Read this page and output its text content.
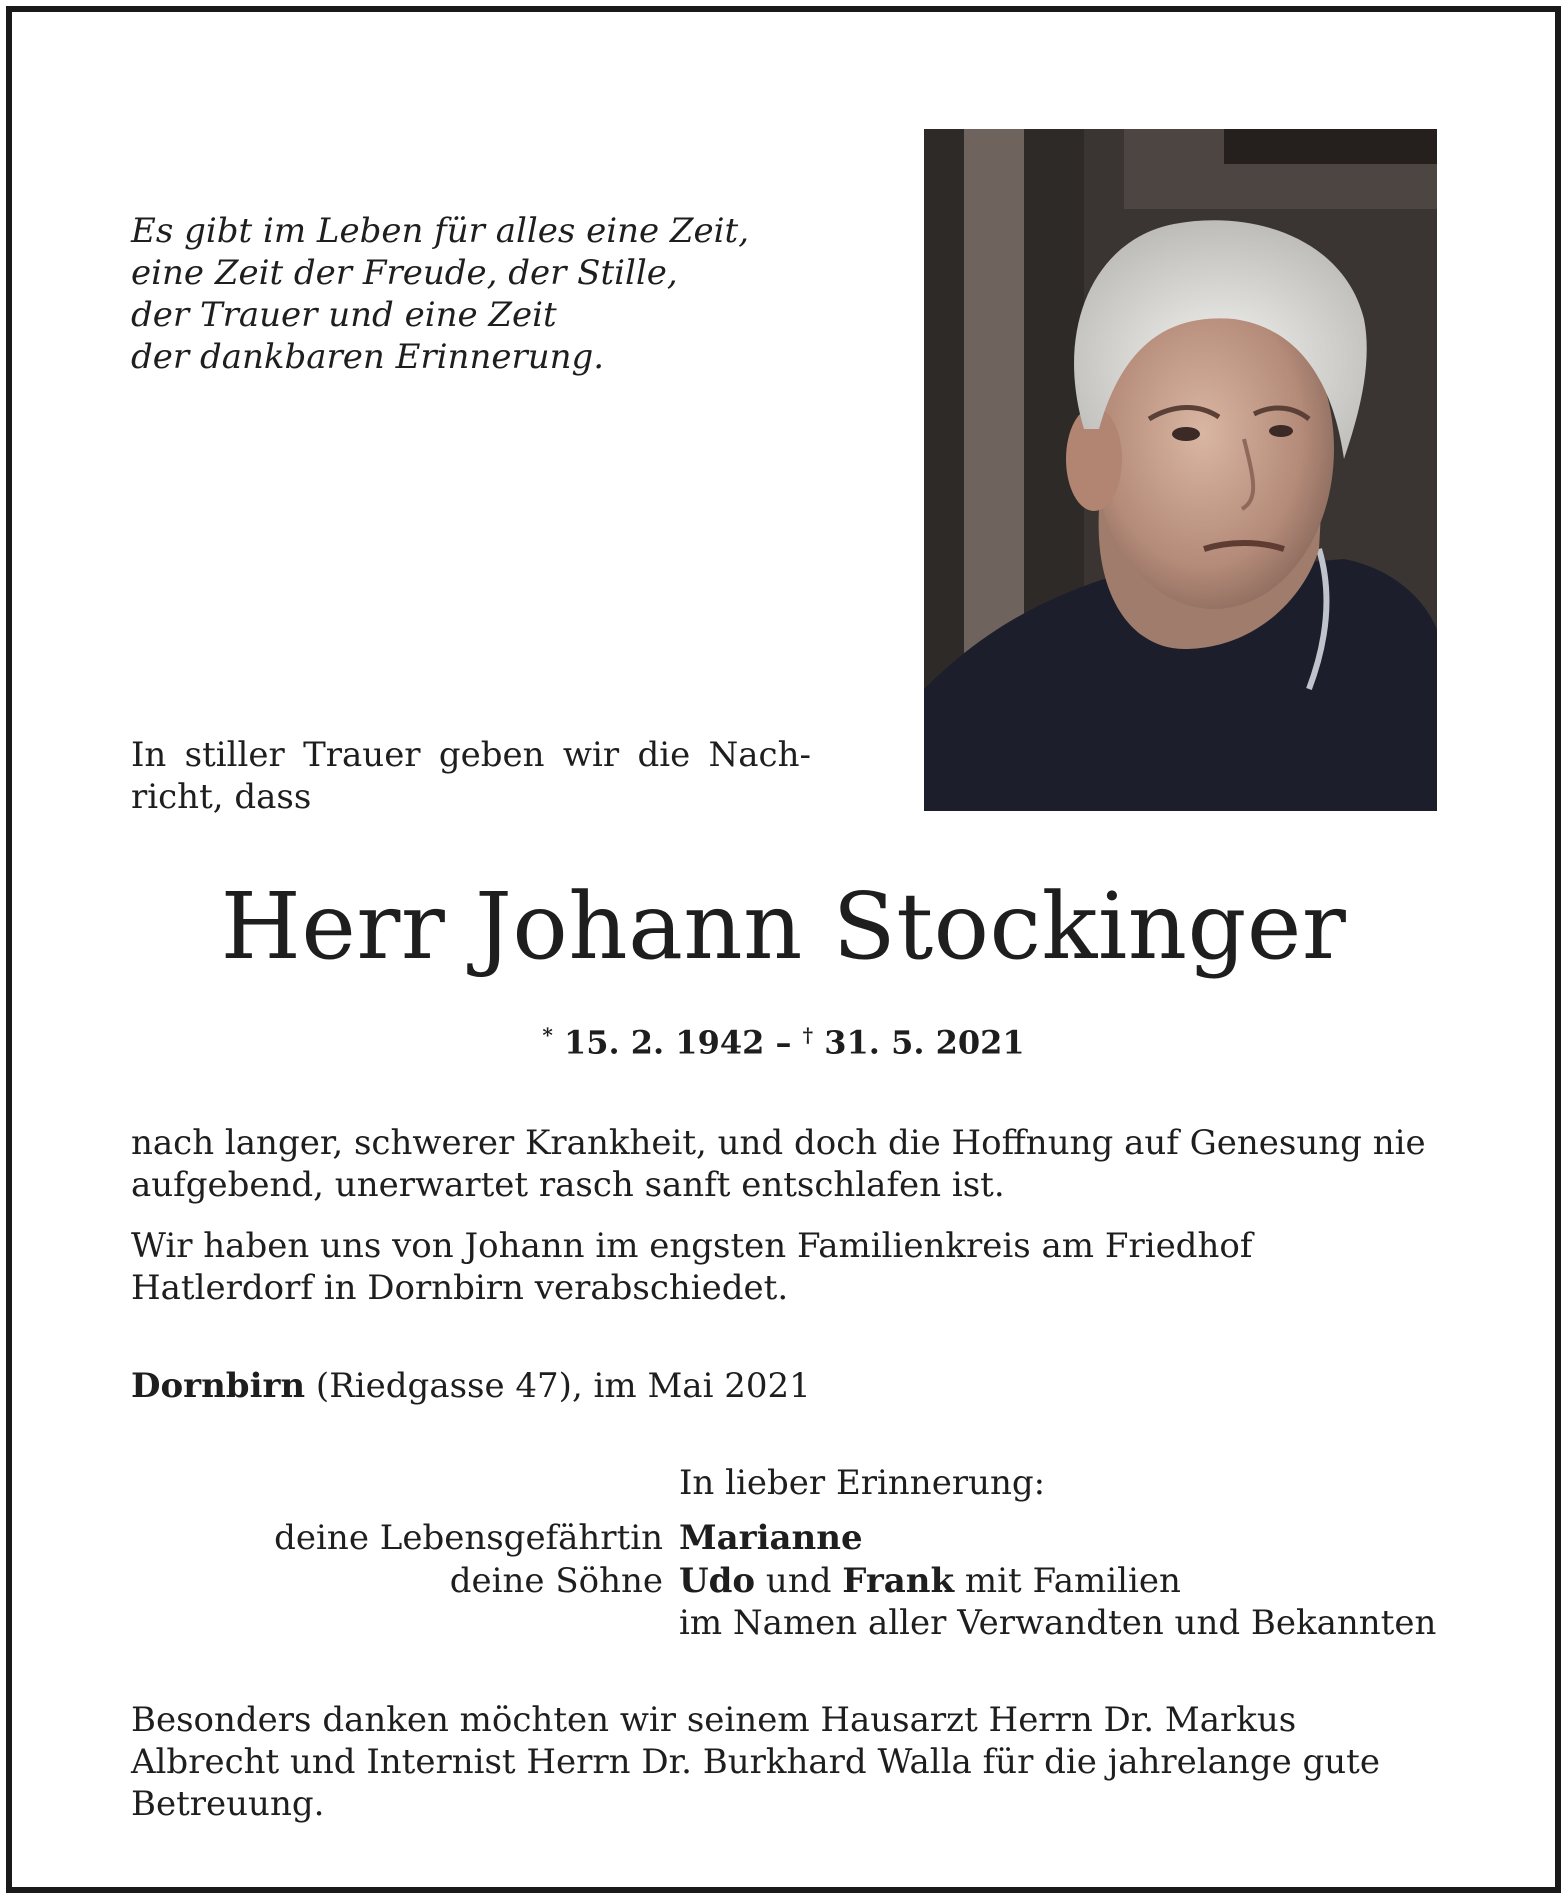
Es gibt im Leben für alles eine Zeit,
eine Zeit der Freude, der Stille,
der Trauer und eine Zeit
der dankbaren Erinnerung.

In stiller Trauer geben wir die Nach-richt, dass

Herr Johann Stockinger
* 15. 2. 1942 – † 31. 5. 2021

nach langer, schwerer Krankheit, und doch die Hoffnung auf Genesung nie aufgebend, unerwartet rasch sanft entschlafen ist.

Wir haben uns von Johann im engsten Familienkreis am Friedhof Hatlerdorf in Dornbirn verabschiedet.

Dornbirn (Riedgasse 47), im Mai 2021
In lieber Erinnerung:
deine Lebensgefährtin Marianne
deine Söhne Udo und Frank mit Familien
im Namen aller Verwandten und Bekannten

Besonders danken möchten wir seinem Hausarzt Herrn Dr. Markus Albrecht und Internist Herrn Dr. Burkhard Walla für die jahrelange gute Betreuung.
